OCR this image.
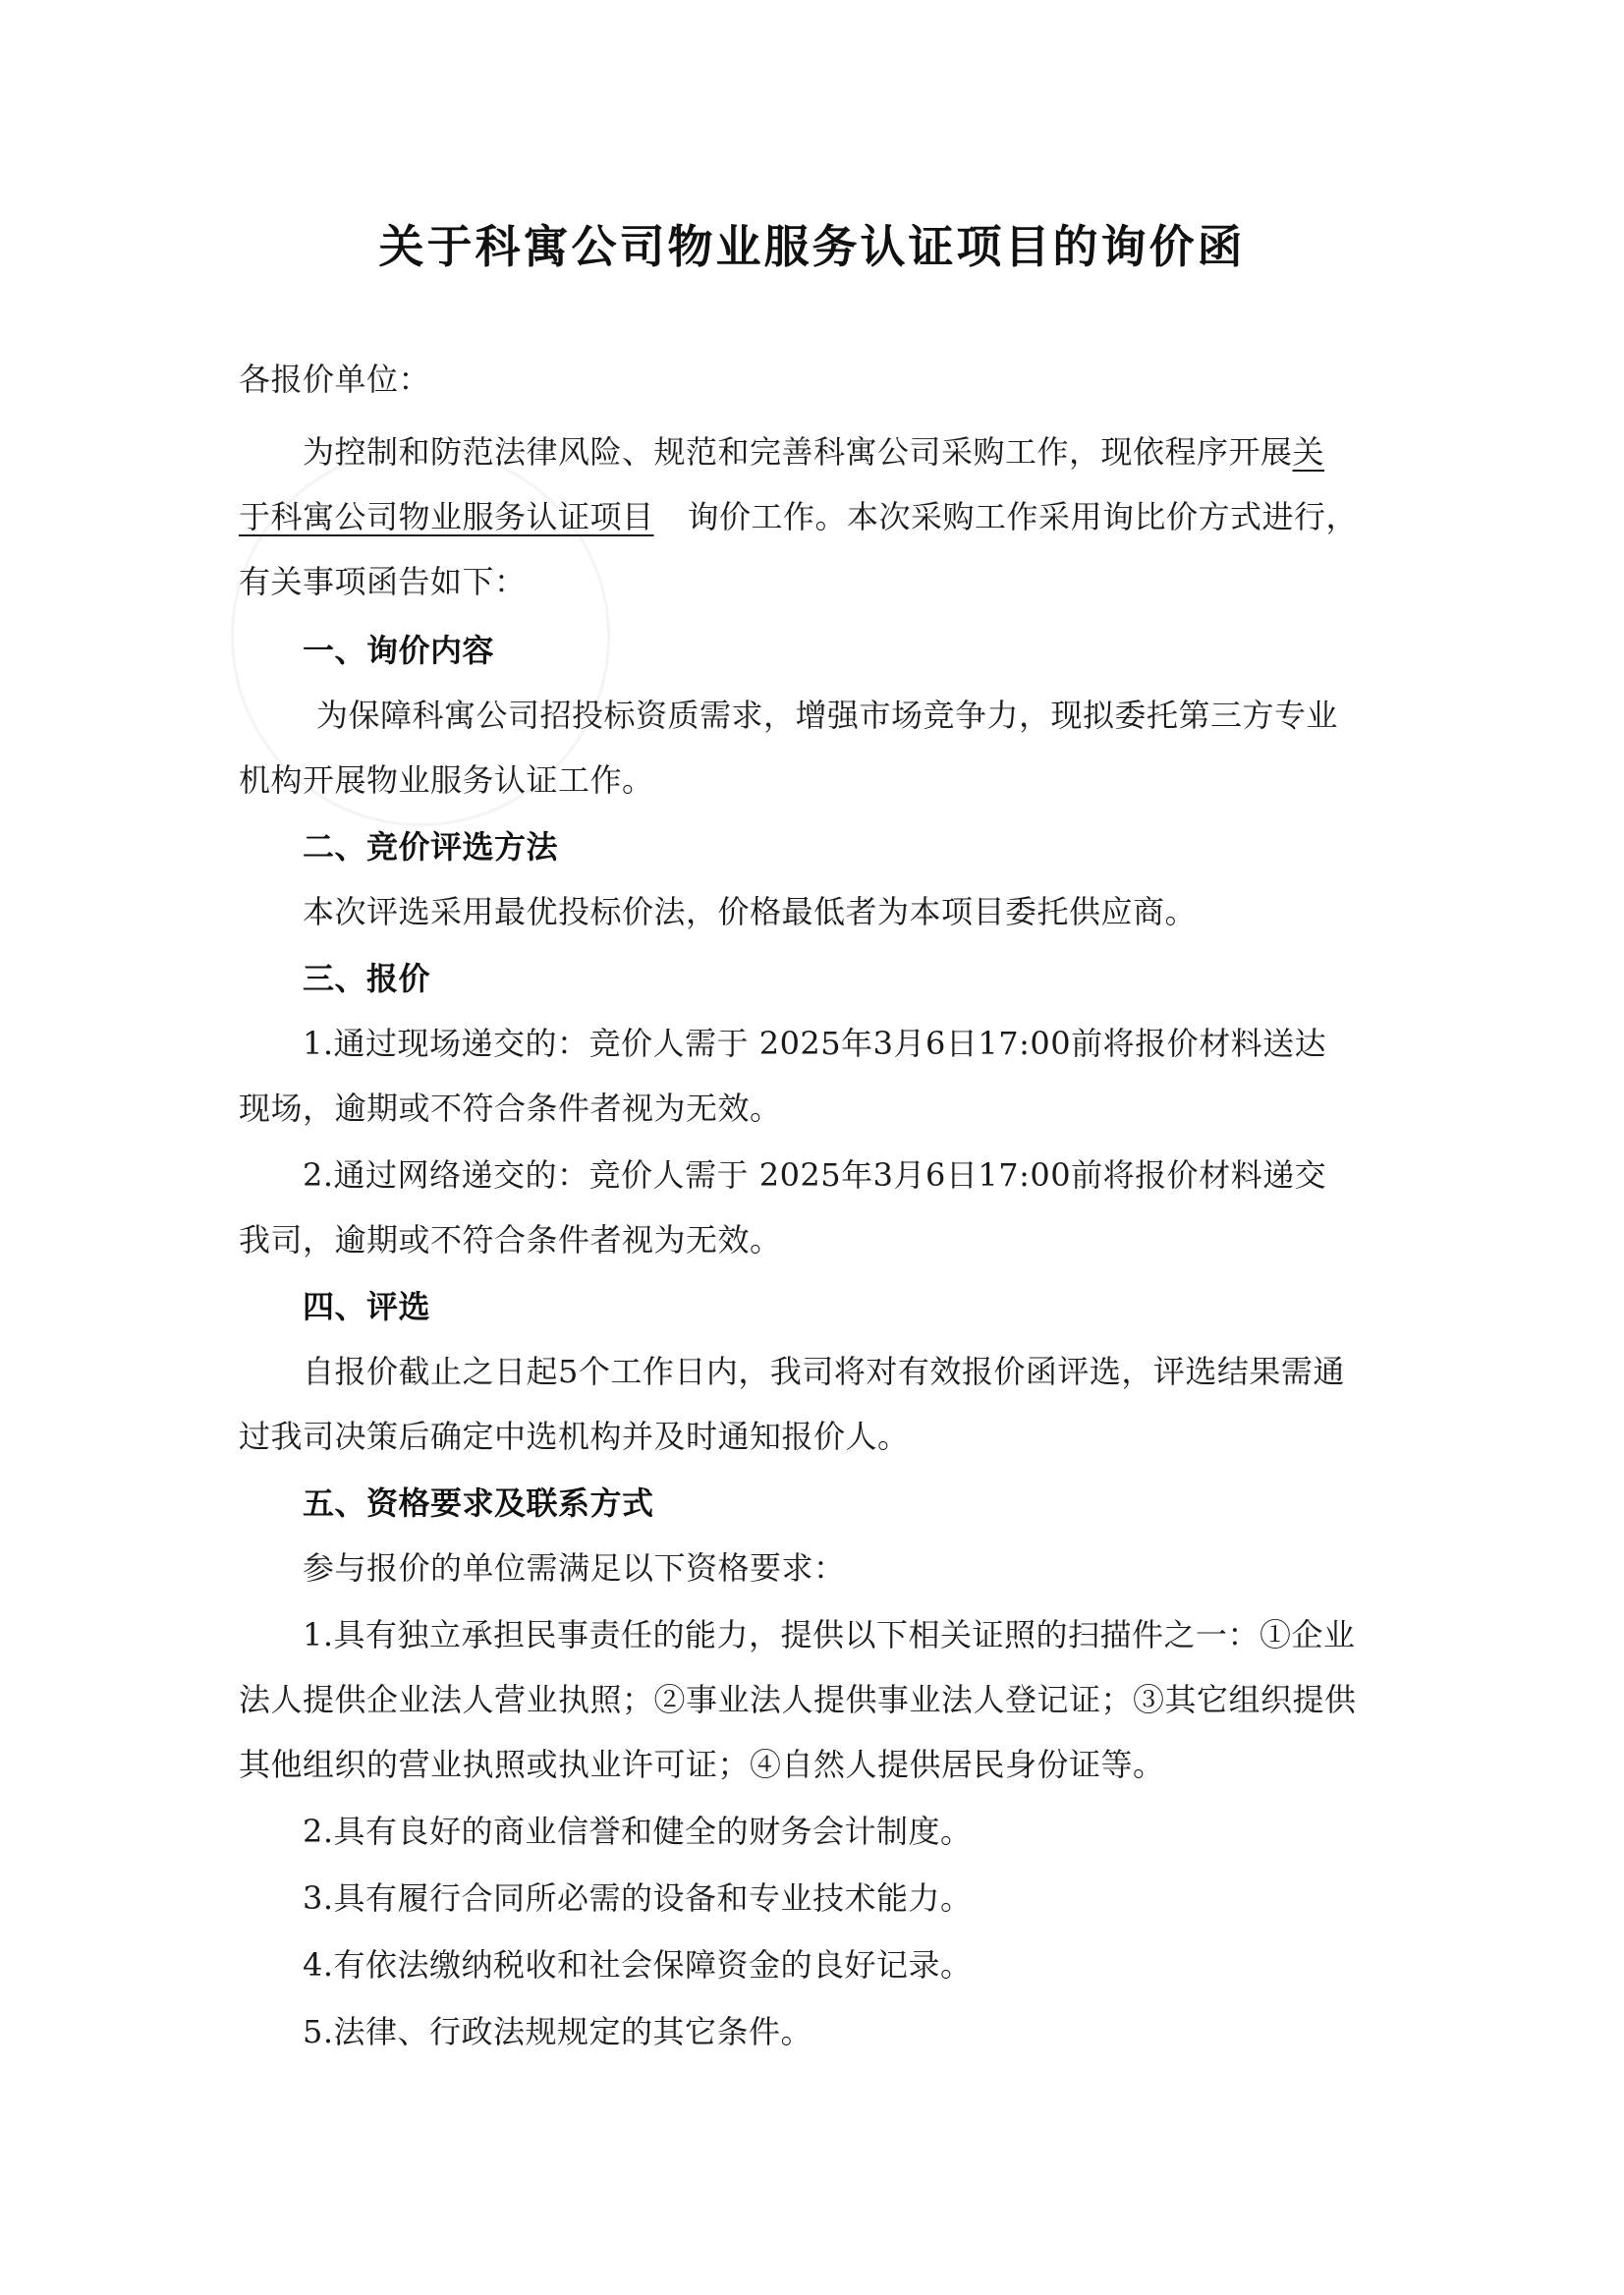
关于科寓公司物业服务认证项目的询价函
各报价单位：
为控制和防范法律风险、规范和完善科寓公司采购工作，现依程序开展关
于科寓公司物业服务认证项目 询价工作。本次采购工作采用询比价方式进行，
有关事项函告如下：
一、询价内容
为保障科寓公司招投标资质需求，增强市场竞争力，现拟委托第三方专业
机构开展物业服务认证工作。
二、竞价评选方法
本次评选采用最优投标价法，价格最低者为本项目委托供应商。
三、报价
1.通过现场递交的：竞价人需于 2025年3月6日17:00前将报价材料送达
现场，逾期或不符合条件者视为无效。
2.通过网络递交的：竞价人需于 2025年3月6日17:00前将报价材料递交
我司，逾期或不符合条件者视为无效。
四、评选
自报价截止之日起5个工作日内，我司将对有效报价函评选，评选结果需通
过我司决策后确定中选机构并及时通知报价人。
五、资格要求及联系方式
参与报价的单位需满足以下资格要求：
1.具有独立承担民事责任的能力，提供以下相关证照的扫描件之一：①企业
法人提供企业法人营业执照；②事业法人提供事业法人登记证；③其它组织提供
其他组织的营业执照或执业许可证；④自然人提供居民身份证等。
2.具有良好的商业信誉和健全的财务会计制度。
3.具有履行合同所必需的设备和专业技术能力。
4.有依法缴纳税收和社会保障资金的良好记录。
5.法律、行政法规规定的其它条件。
